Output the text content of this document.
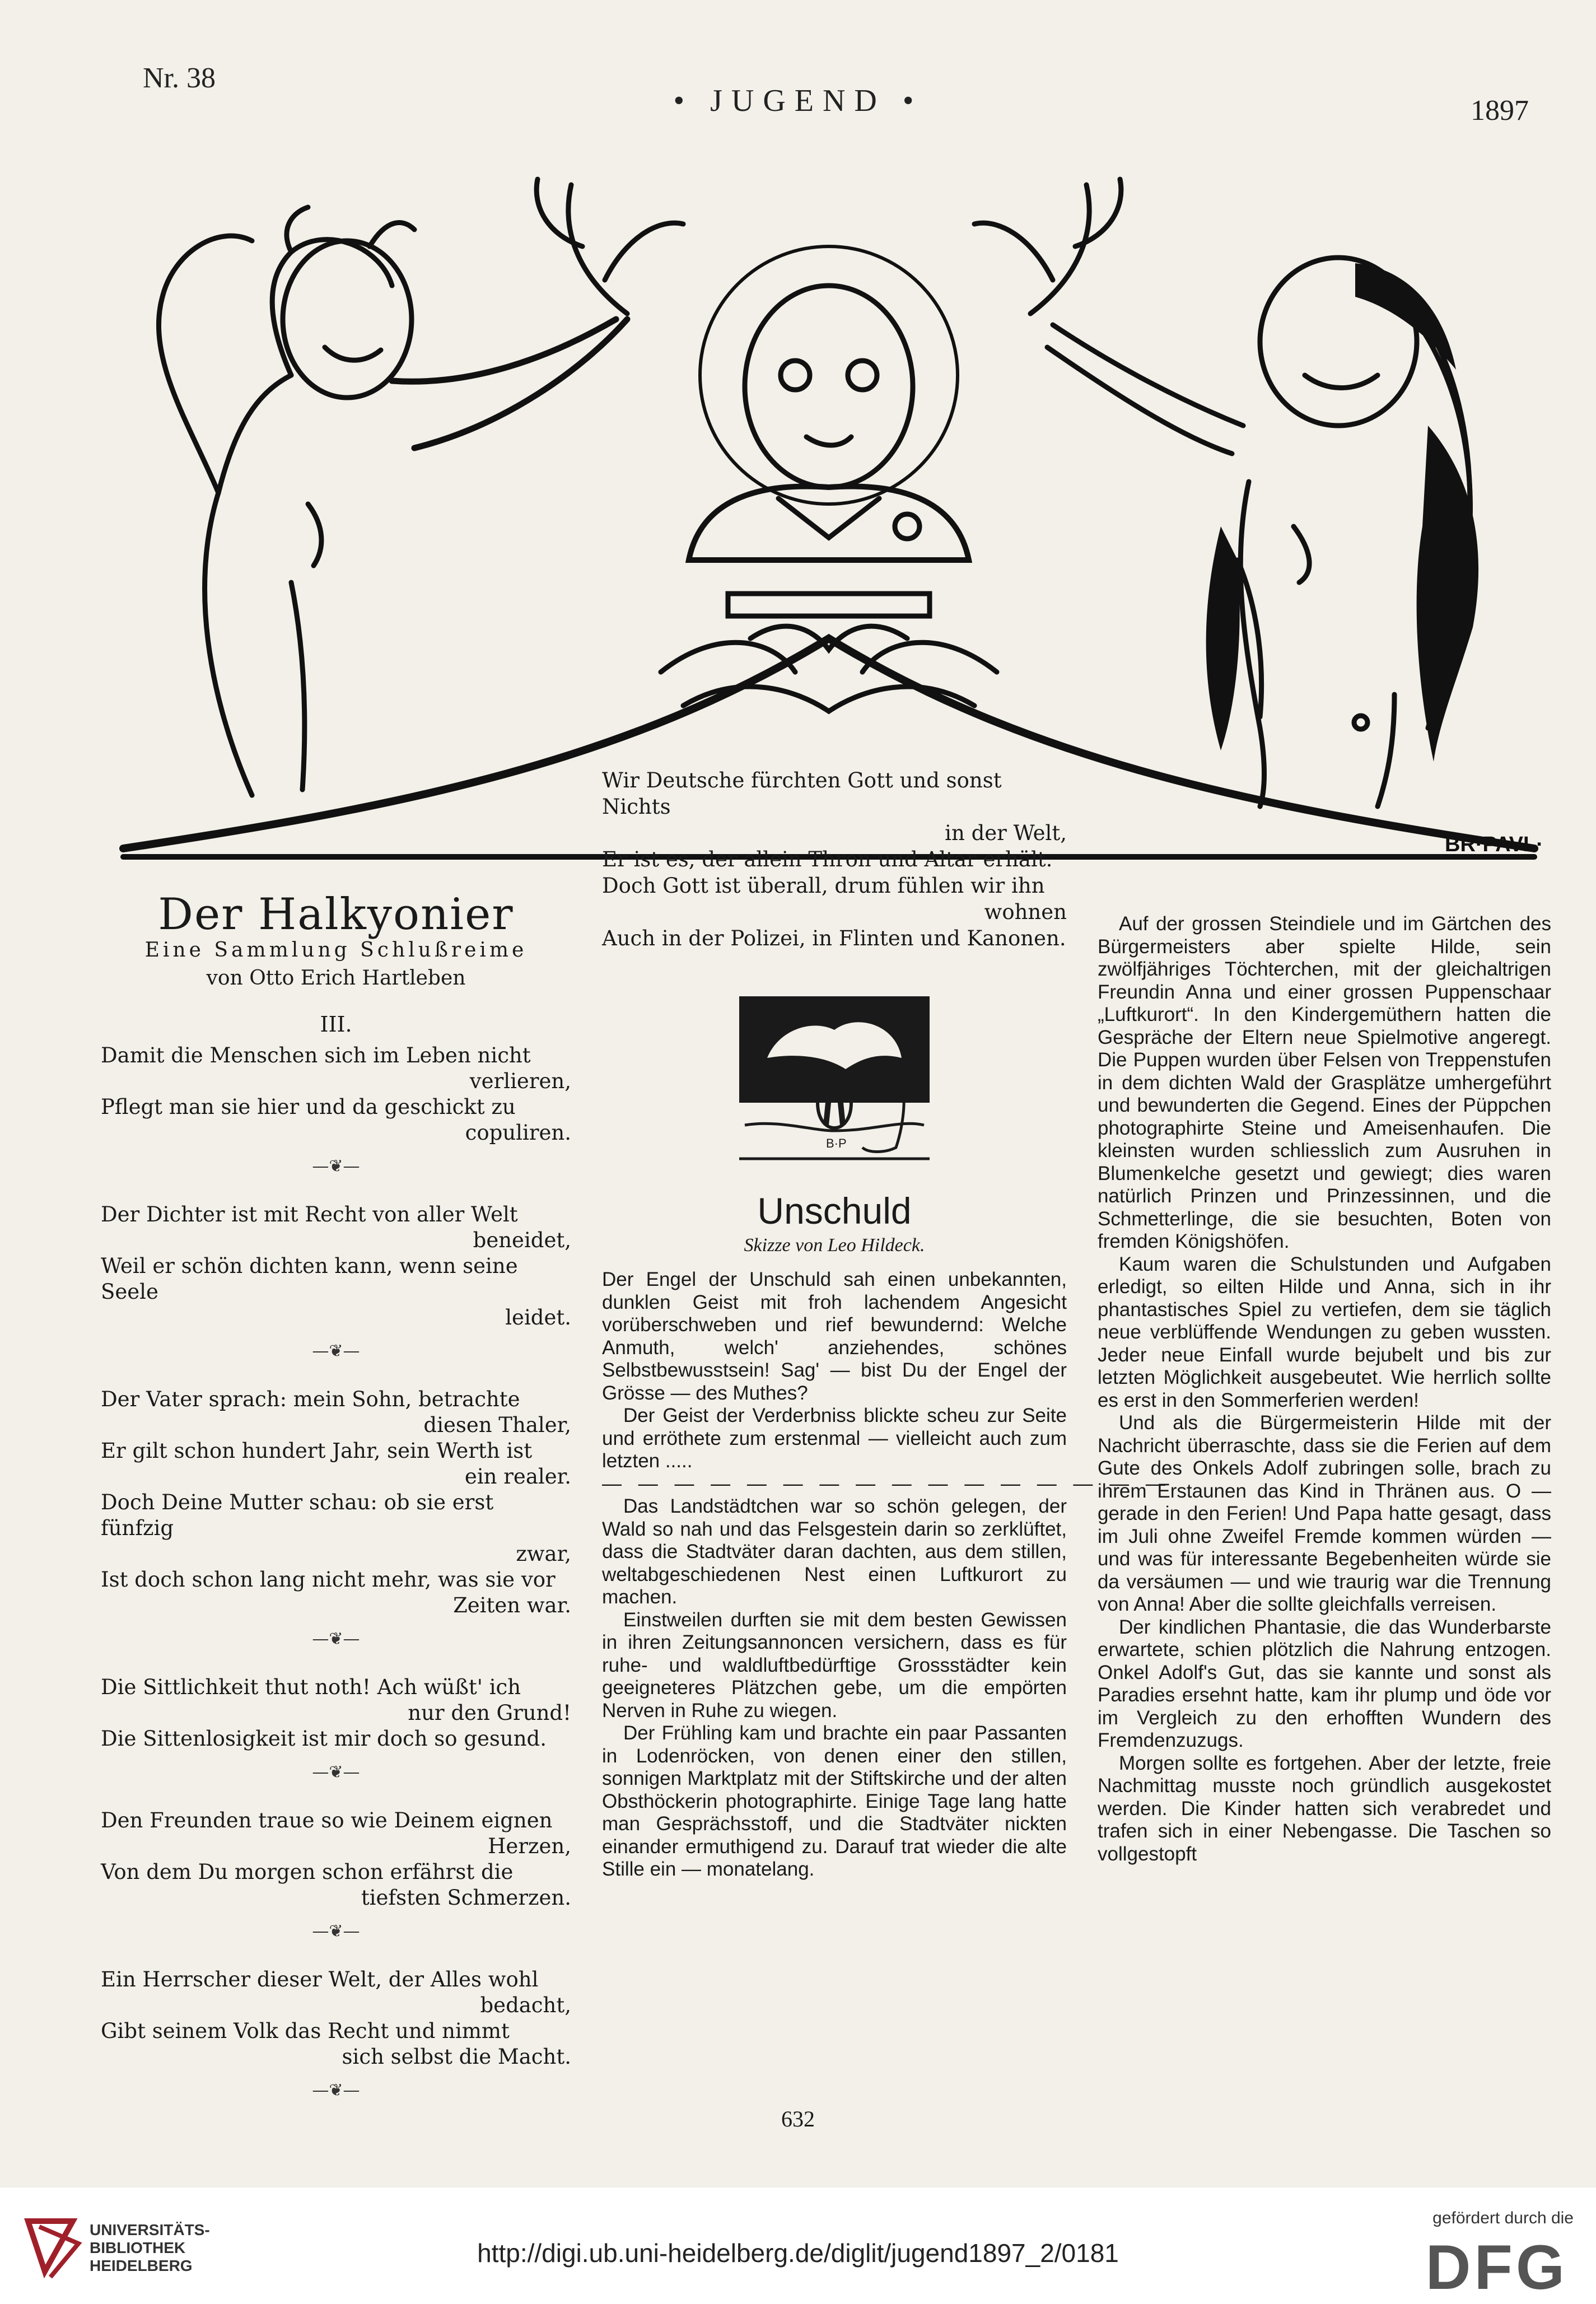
Nr. 38
• JUGEND •	1897
BR·PAVL·
Der Halkyonier
Eine Sammlung Schlußreime
von Otto Erich Hartleben
III.
Damit die Menschen sich im Leben nicht
verlieren,
Pflegt man sie hier und da geschickt zu
copuliren.
—❦—
Der Dichter ist mit Recht von aller Welt
beneidet,
Weil er schön dichten kann, wenn seine Seele
leidet.
—❦—
Der Vater sprach: mein Sohn, betrachte
diesen Thaler,
Er gilt schon hundert Jahr, sein Werth ist
ein realer.
Doch Deine Mutter schau: ob sie erst fünfzig
zwar,
Ist doch schon lang nicht mehr, was sie vor
Zeiten war.
—❦—
Die Sittlichkeit thut noth! Ach wüßt' ich
nur den Grund!
Die Sittenlosigkeit ist mir doch so gesund.
—❦—
Den Freunden traue so wie Deinem eignen
Herzen,
Von dem Du morgen schon erfährst die
tiefsten Schmerzen.
—❦—
Ein Herrscher dieser Welt, der Alles wohl
bedacht,
Gibt seinem Volk das Recht und nimmt
sich selbst die Macht.
—❦—
Wir Deutsche fürchten Gott und sonst Nichts
in der Welt,
Er ist es, der allein Thron und Altar erhält.
Doch Gott ist überall, drum fühlen wir ihn
wohnen
Auch in der Polizei, in Flinten und Kanonen.
B·P
Unschuld
Skizze von Leo Hildeck.

Der Engel der Unschuld sah einen unbekannten, dunklen Geist mit froh lachendem Angesicht vorüberschweben und rief bewundernd: Welche Anmuth, welch' anziehendes, schönes Selbstbewusstsein! Sag' — bist Du der Engel der Grösse — des Muthes?

Der Geist der Verderbniss blickte scheu zur Seite und erröthete zum erstenmal — vielleicht auch zum letzten .....

— — — — — — — — — — — — — — — —

Das Landstädtchen war so schön gelegen, der Wald so nah und das Felsgestein darin so zerklüftet, dass die Stadtväter daran dachten, aus dem stillen, weltabgeschiedenen Nest einen Luftkurort zu machen.

Einstweilen durften sie mit dem besten Gewissen in ihren Zeitungsannoncen versichern, dass es für ruhe- und waldluftbedürftige Grossstädter kein geeigneteres Plätzchen gebe, um die empörten Nerven in Ruhe zu wiegen.

Der Frühling kam und brachte ein paar Passanten in Lodenröcken, von denen einer den stillen, sonnigen Marktplatz mit der Stiftskirche und der alten Obsthöckerin photographirte. Einige Tage lang hatte man Gesprächsstoff, und die Stadtväter nickten einander ermuthigend zu. Darauf trat wieder die alte Stille ein — monatelang.

Auf der grossen Steindiele und im Gärtchen des Bürgermeisters aber spielte Hilde, sein zwölfjähriges Töchterchen, mit der gleichaltrigen Freundin Anna und einer grossen Puppenschaar „Luftkurort“. In den Kindergemüthern hatten die Gespräche der Eltern neue Spielmotive angeregt. Die Puppen wurden über Felsen von Treppenstufen in dem dichten Wald der Grasplätze umhergeführt und bewunderten die Gegend. Eines der Püppchen photographirte Steine und Ameisenhaufen. Die kleinsten wurden schliesslich zum Ausruhen in Blumenkelche gesetzt und gewiegt; dies waren natürlich Prinzen und Prinzessinnen, und die Schmetterlinge, die sie besuchten, Boten von fremden Königshöfen.

Kaum waren die Schulstunden und Aufgaben erledigt, so eilten Hilde und Anna, sich in ihr phantastisches Spiel zu vertiefen, dem sie täglich neue verblüffende Wendungen zu geben wussten. Jeder neue Einfall wurde bejubelt und bis zur letzten Möglichkeit ausgebeutet. Wie herrlich sollte es erst in den Sommerferien werden!

Und als die Bürgermeisterin Hilde mit der Nachricht überraschte, dass sie die Ferien auf dem Gute des Onkels Adolf zubringen solle, brach zu ihrem Erstaunen das Kind in Thränen aus. O — gerade in den Ferien! Und Papa hatte gesagt, dass im Juli ohne Zweifel Fremde kommen würden — und was für interessante Begebenheiten würde sie da versäumen — und wie traurig war die Trennung von Anna! Aber die sollte gleichfalls verreisen.

Der kindlichen Phantasie, die das Wunderbarste erwartete, schien plötzlich die Nahrung entzogen. Onkel Adolf's Gut, das sie kannte und sonst als Paradies ersehnt hatte, kam ihr plump und öde vor im Vergleich zu den erhofften Wundern des Fremdenzuzugs.

Morgen sollte es fortgehen. Aber der letzte, freie Nachmittag musste noch gründlich ausgekostet werden. Die Kinder hatten sich verabredet und trafen sich in einer Nebengasse. Die Taschen so vollgestopft

632
UNIVERSITÄTS-
BIBLIOTHEK
HEIDELBERG	http://digi.ub.uni-heidelberg.de/diglit/jugend1897_2/0181
gefördert durch die
DFG
